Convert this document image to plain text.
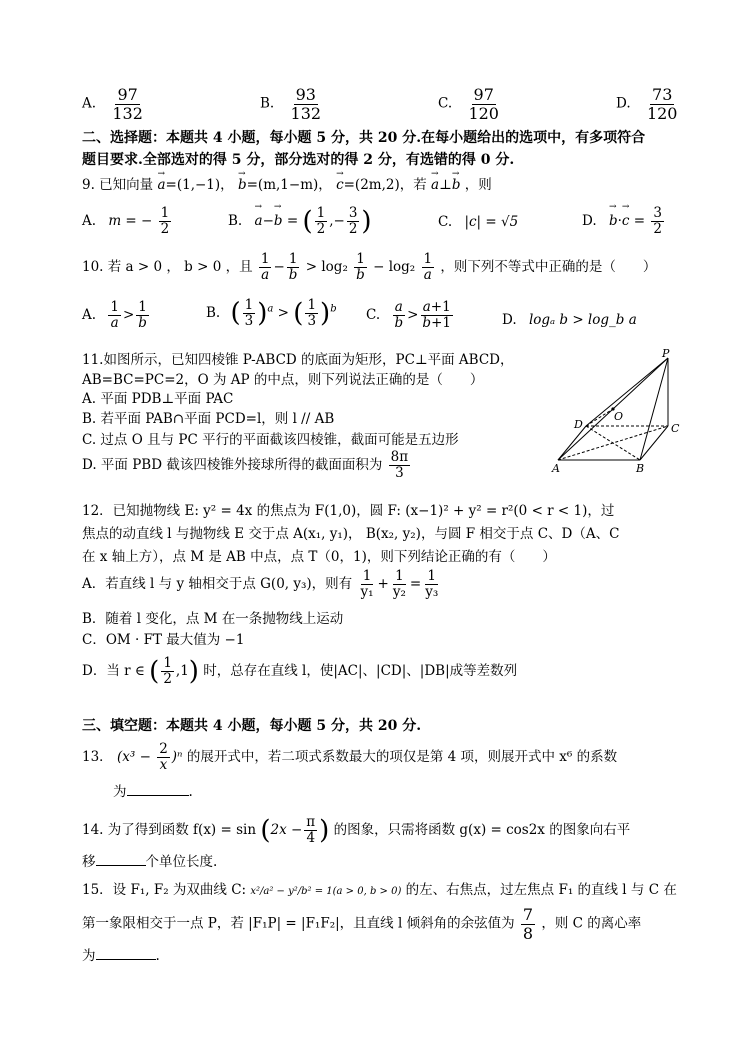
A. $\frac{97}{132}$	B. $\frac{93}{132}$	C. $\frac{97}{120}$	D. $\frac{73}{120}$
二、选择题：本题共 4 小题，每小题 5 分，共 20 分.在每小题给出的选项中，有多项符合
题目要求.全部选对的得 5 分，部分选对的得 2 分，有选错的得 0 分.
9. 已知向量 → a=(1,−1)， → b=(m,1−m)， → c=(2m,2)，若 → a⊥→ b ，则
A. m = − $\frac{1}{2}$	B. → a−→ b = ( $\frac{1}{2}$ ,− $\frac{3}{2}$ )	C. |c| = √5	D. → $b\cdot\to c = \frac{3}{2}$
10. 若 a > 0 ， b > 0 ，且 $\frac{1}{a} - \frac{1}{b} > \log_2 \frac{1}{b} - \log_2 \frac{1}{a}$ ，则下列不等式中正确的是（　　）
A. $\frac{1}{a} > \frac{1}{b}$	B. ( $\frac{1}{3} )^a$ > ( $\frac{1}{3} )^b$ C. $\frac{a}{b} > \frac{a+1}{b+1}$	D. logₐ b > log_b a
11.如图所示，已知四棱锥 P-ABCD 的底面为矩形，PC⊥平面 ABCD，
AB=BC=PC=2，O 为 AP 的中点，则下列说法正确的是（　　）
A. 平面 PDB⊥平面 PAC
B. 若平面 PAB∩平面 PCD=l，则 l // AB
C. 过点 O 且与 PC 平行的平面截该四棱锥，截面可能是五边形
D. 平面 PBD 截该四棱锥外接球所得的截面面积为 $\frac{8\pi}{3}$
P
O
D	C
A	B
12．已知抛物线 E: y² = 4x 的焦点为 F(1,0)，圆 F: (x−1)² + y² = r²(0 < r < 1)，过
焦点的动直线 l 与抛物线 E 交于点 A(x₁, y₁)， B(x₂, y₂)，与圆 F 相交于点 C、D（A、C
在 x 轴上方），点 M 是 AB 中点，点 T（0，1)，则下列结论正确的有（　　）
A．若直线 l 与 y 轴相交于点 G(0, y₃)，则有 $\frac{1}{\text{y₁}} + \frac{1}{\text{y₂}} = \frac{1}{\text{y₃}}$
B．随着 l 变化，点 M 在一条抛物线上运动
C．OM · FT 最大值为 −1
D．当 r ∈ ( $\frac{1}{2} ,1$) 时，总存在直线 l，使|AC|、|CD|、|DB|成等差数列
三、填空题：本题共 4 小题，每小题 5 分，共 20 分.
13． $(x^3 - \frac{2}{x} )^n$ 的展开式中，若二项式系数最大的项仅是第 4 项，则展开式中 x⁶ 的系数
为	.
14. 为了得到函数 $f(x) = \sin (2x - \frac{\pi}{4}$ ) 的图象，只需将函数 g(x) = cos2x 的图象向右平
移	个单位长度.
15．设 F₁, F₂ 为双曲线 C: x²/a² − y²/b² = 1(a > 0, b > 0) 的左、右焦点，过左焦点 F₁ 的直线 l 与 C 在
第一象限相交于一点 P，若 |F₁P| = |F₁F₂|，且直线 l 倾斜角的余弦值为 $\frac{7}{8}$ ，则 C 的离心率
为	.
